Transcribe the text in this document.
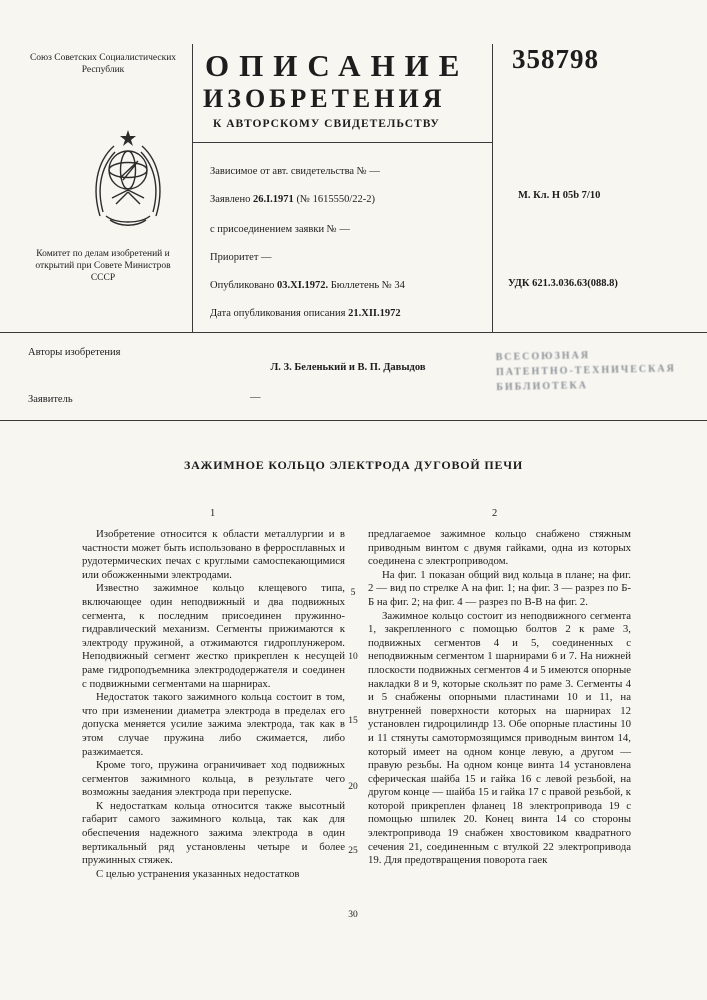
Союз Советских Социалистических Республик
Комитет по делам изобретений и открытий при Совете Министров СССР
ОПИСАНИЕ
ИЗОБРЕТЕНИЯ
К АВТОРСКОМУ СВИДЕТЕЛЬСТВУ
Зависимое от авт. свидетельства № —
Заявлено 26.I.1971 (№ 1615550/22-2)
с присоединением заявки № —
Приоритет —
Опубликовано 03.XI.1972. Бюллетень № 34
Дата опубликования описания 21.XII.1972
358798
М. Кл. Н 05b 7/10
УДК 621.3.036.63(088.8)
Авторы изобретения
Л. З. Беленький и В. П. Давыдов
Заявитель	—
ВСЕСОЮЗНАЯ
ПАТЕНТНО-ТЕХНИЧЕСКАЯ
БИБЛИОТЕКА
ЗАЖИМНОЕ КОЛЬЦО ЭЛЕКТРОДА ДУГОВОЙ ПЕЧИ
1	2

Изобретение относится к области металлургии и в частности может быть использовано в ферросплавных и рудотермических печах с круглыми самоспекающимися или обожженными электродами.

Известно зажимное кольцо клещевого типа, включающее один неподвижный и два подвижных сегмента, к последним присоединен пружинно-гидравлический механизм. Сегменты прижимаются к электроду пружиной, а отжимаются гидроплунжером. Неподвижный сегмент жестко прикреплен к несущей раме гидроподъемника электрододержателя и соединен с подвижными сегментами на шарнирах.

Недостаток такого зажимного кольца состоит в том, что при изменении диаметра электрода в пределах его допуска меняется усилие зажима электрода, так как в этом случае пружина либо сжимается, либо разжимается.

Кроме того, пружина ограничивает ход подвижных сегментов зажимного кольца, в результате чего возможны заедания электрода при перепуске.

К недостаткам кольца относится также высотный габарит самого зажимного кольца, так как для обеспечения надежного зажима электрода в один вертикальный ряд установлены четыре и более пружинных стяжек.

С целью устранения указанных недостатков

предлагаемое зажимное кольцо снабжено стяжным приводным винтом с двумя гайками, одна из которых соединена с электроприводом.

На фиг. 1 показан общий вид кольца в плане; на фиг. 2 — вид по стрелке А на фиг. 1; на фиг. 3 — разрез по Б-Б на фиг. 2; на фиг. 4 — разрез по В-В на фиг. 2.

Зажимное кольцо состоит из неподвижного сегмента 1, закрепленного с помощью болтов 2 к раме 3, подвижных сегментов 4 и 5, соединенных с неподвижным сегментом 1 шарнирами 6 и 7. На нижней плоскости подвижных сегментов 4 и 5 имеются опорные накладки 8 и 9, которые скользят по раме 3. Сегменты 4 и 5 снабжены опорными пластинами 10 и 11, на внутренней поверхности которых на шарнирах 12 установлен гидроцилиндр 13. Обе опорные пластины 10 и 11 стянуты самотормозящимся приводным винтом 14, который имеет на одном конце левую, а другом — правую резьбы. На одном конце винта 14 установлена сферическая шайба 15 и гайка 16 с левой резьбой, на другом конце — шайба 15 и гайка 17 с правой резьбой, к которой прикреплен фланец 18 электропривода 19 с помощью шпилек 20. Конец винта 14 со стороны электропривода 19 снабжен хвостовиком квадратного сечения 21, соединенным с втулкой 22 электропривода 19. Для предотвращения поворота гаек

5
10
15
20
25
30
